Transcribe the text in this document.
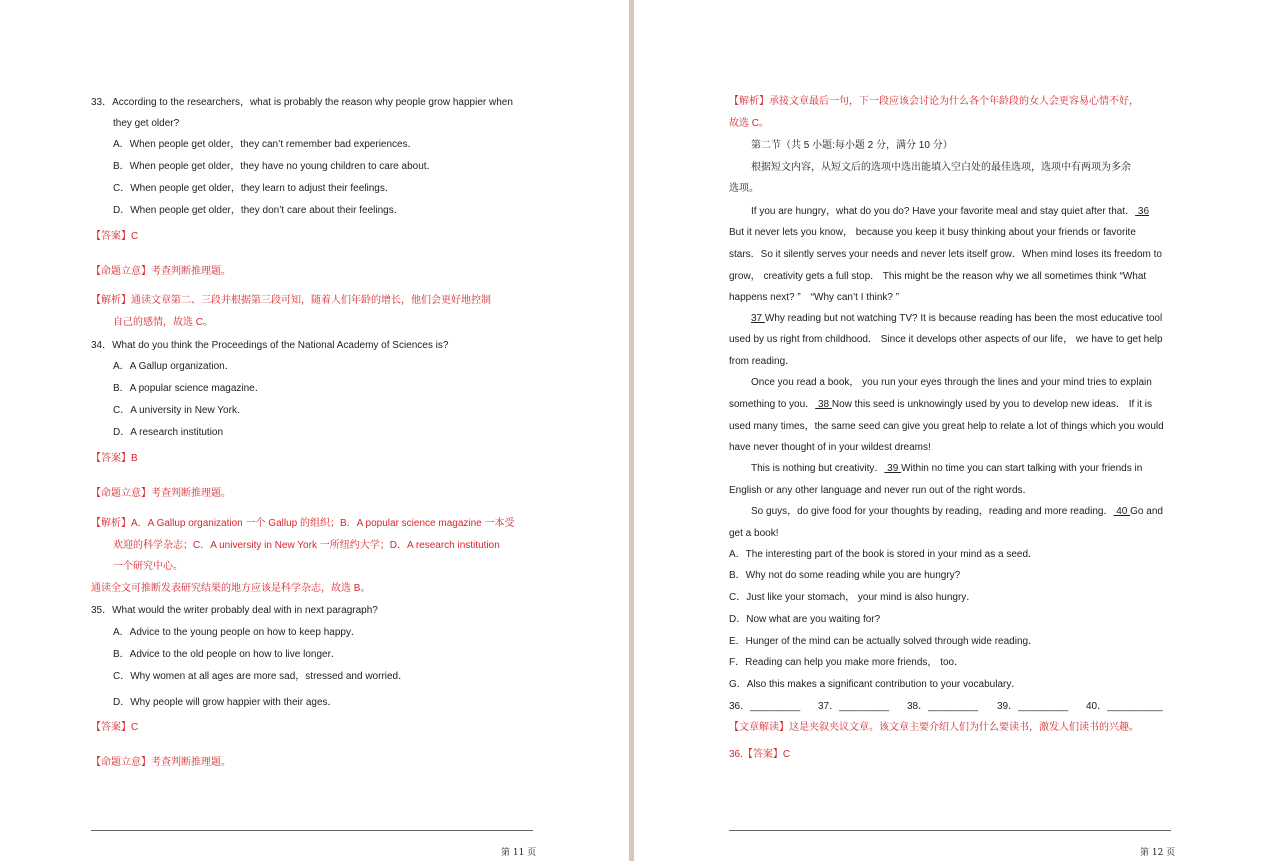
33．According to the researchers，what is probably the reason why people grow happier when
they get older?
A．When people get older，they can’t remember bad experiences．
B．When people get older，they have no young children to care about．
C．When people get older，they learn to adjust their feelings．
D．When people get older，they don’t care about their feelings．
【答案】C
【命题立意】考查判断推理题。
【解析】通读文章第二、三段并根据第三段可知，随着人们年龄的增长，他们会更好地控制
自己的感情，故选 C。
34．What do you think the Proceedings of the National Academy of Sciences is?
A．A Gallup organization．
B．A popular science magazine．
C．A university in New York．
D．A research institution
【答案】B
【命题立意】考查判断推理题。
【解析】A．A Gallup organization 一个 Gallup 的组织；B．A popular science magazine 一本受
欢迎的科学杂志；C．A university in New York 一所纽约大学；D．A research institution
一个研究中心。
通读全文可推断发表研究结果的地方应该是科学杂志，故选 B。
35．What would the writer probably deal with in next paragraph?
A．Advice to the young people on how to keep happy．
B．Advice to the old people on how to live longer．
C．Why women at all ages are more sad，stressed and worried．
D．Why people will grow happier with their ages．
【答案】C
【命题立意】考查判断推理题。
第 11 页
【解析】承接文章最后一句，下一段应该会讨论为什么各个年龄段的女人会更容易心情不好，
故选 C。
第二节（共 5 小题:每小题 2 分，满分 10 分）
根据短文内容，从短文后的选项中选出能填入空白处的最佳选项，选项中有两项为多余
选项。
If you are hungry，what do you do? Have your favorite meal and stay quiet after that． 36
But it never lets you know， because you keep it busy thinking about your friends or favorite
stars．So it silently serves your needs and never lets itself grow．When mind loses its freedom to
grow， creativity gets a full stop． This might be the reason why we all sometimes think “What
happens next? ”　“Why can’t I think? ”
37 Why reading but not watching TV? It is because reading has been the most educative tool
used by us right from childhood． Since it develops other aspects of our life， we have to get help
from reading．
Once you read a book， you run your eyes through the lines and your mind tries to explain
something to you． 38 Now this seed is unknowingly used by you to develop new ideas． If it is
used many times，the same seed can give you great help to relate a lot of things which you would
have never thought of in your wildest dreams!
This is nothing but creativity． 39 Within no time you can start talking with your friends in
English or any other language and never run out of the right words．
So guys，do give food for your thoughts by reading，reading and more reading． 40 Go and
get a book!
A．The interesting part of the book is stored in your mind as a seed．
B．Why not do some reading while you are hungry?
C．Just like your stomach， your mind is also hungry．
D．Now what are you waiting for?
E．Hunger of the mind can be actually solved through wide reading．
F．Reading can help you make more friends， too．
G．Also this makes a significant contribution to your vocabulary．
36．_________ 37．_________ 38．_________ 39．_________ 40．__________
【文章解读】这是夹叙夹议文章。该文章主要介绍人们为什么要读书，激发人们读书的兴趣。
36.【答案】C
第 12 页
